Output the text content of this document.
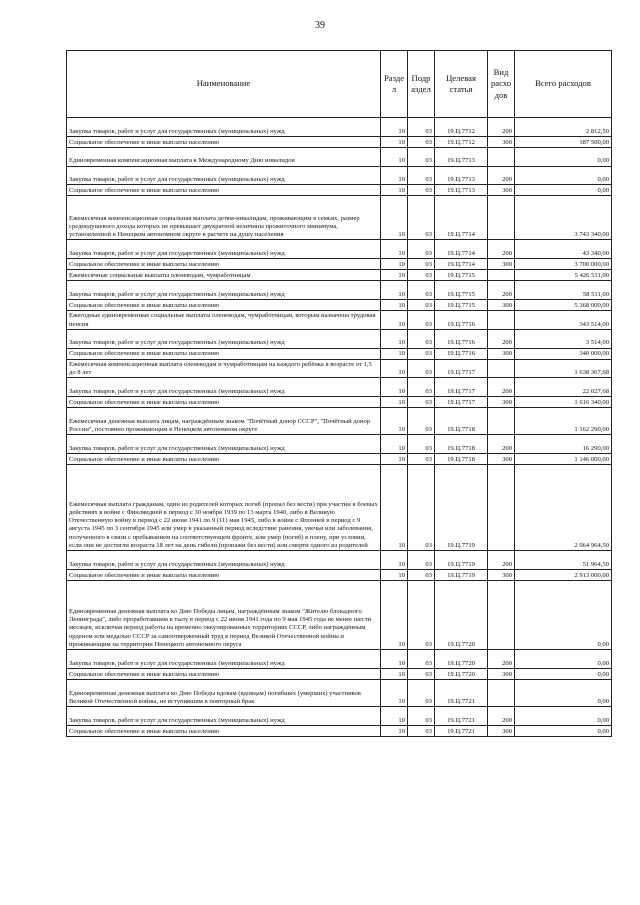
39
Наименование	Разде л	Подр аздел	Целевая статья	Вид расхо дов	Всего расходов
Закупка товаров, работ и услуг для государственных (муниципальных) нужд	10	03	19.Ц.7712	200	2 812,50
Социальное обеспечение и иные выплаты населению	10	03	19.Ц.7712	300	187 500,00
Единовременная компенсационная выплата к Международному Дню инвалидов	10	03	19.Ц.7713		0,00
Закупка товаров, работ и услуг для государственных (муниципальных) нужд	10	03	19.Ц.7713	200	0,00
Социальное обеспечение и иные выплаты населению	10	03	19.Ц.7713	300	0,00
Ежемесячная компенсационная социальная выплата детям-инвалидам, проживающим в семьях, размер среднедушевого дохода которых не превышает двукратной величины прожиточного минимума, установленной в Ненецком автономном округе в расчете на душу населения	10	03	19.Ц.7714		3 743 340,00
Закупка товаров, работ и услуг для государственных (муниципальных) нужд	10	03	19.Ц.7714	200	43 340,00
Социальное обеспечение и иные выплаты населению	10	03	19.Ц.7714	300	3 700 000,00
Ежемесячные социальные выплаты оленеводам, чумработницам	10	03	19.Ц.7715		5 426 511,00
Закупка товаров, работ и услуг для государственных (муниципальных) нужд	10	03	19.Ц.7715	200	58 511,00
Социальное обеспечение и иные выплаты населению	10	03	19.Ц.7715	300	5 368 000,00
Ежегодные единовременные социальные выплаты оленеводам, чумработницам, которым назначена трудовая пенсия	10	03	19.Ц.7716		343 514,00
Закупка товаров, работ и услуг для государственных (муниципальных) нужд	10	03	19.Ц.7716	200	3 514,00
Социальное обеспечение и иные выплаты населению	10	03	19.Ц.7716	300	340 000,00
Ежемесячная компенсационная выплата оленеводам и чумработницам на каждого ребёнка в возрасте от 1,5 до 8 лет	10	03	19.Ц.7717		1 638 367,68
Закупка товаров, работ и услуг для государственных (муниципальных) нужд	10	03	19.Ц.7717	200	22 027,68
Социальное обеспечение и иные выплаты населению	10	03	19.Ц.7717	300	1 616 340,00
Ежемесячная денежная выплата лицам, награждённым знаком "Почётный донор СССР", "Почётный донор России", постоянно проживающим в Ненецком автономном округе	10	03	19.Ц.7718		1 162 290,00
Закупка товаров, работ и услуг для государственных (муниципальных) нужд	10	03	19.Ц.7718	200	16 290,00
Социальное обеспечение и иные выплаты населению	10	03	19.Ц.7718	300	1 146 000,00
Ежемесячная выплата гражданам, один из родителей которых погиб (пропал без вести) при участии в боевых действиях в войне с Финляндией в период с 30 ноября 1939 по 13 марта 1940, либо в Великую Отечественную войну в период с 22 июня 1941 по 9 (11) мая 1945, либо в войне с Японией в период с 9 августа 1945 по 3 сентября 1945 или умер в указанный период вследствие ранения, увечья или заболевания, полученного в связи с пребыванием на соответствующем фронте, или умер (погиб) в плену, при условии, если они не достигли возраста 18 лет на день гибели (пропажи без вести) или смерти одного из родителей	10	03	19.Ц.7719		2 964 964,50
Закупка товаров, работ и услуг для государственных (муниципальных) нужд	10	03	19.Ц.7719	200	51 964,50
Социальное обеспечение и иные выплаты населению	10	03	19.Ц.7719	300	2 913 000,00
Единовременная денежная выплата ко Дню Победы лицам, награждённым знаком "Жителю блокадного Ленинграда", либо проработавшим в тылу в период с 22 июня 1941 года по 9 мая 1945 года не менее шести месяцев, исключая период работы на временно оккупированных территориях СССР, либо награждённым орденом или медалью СССР за самоотверженный труд в период Великой Отечественной войны и проживающим на территории Ненецкого автономного округа	10	03	19.Ц.7720		0,00
Закупка товаров, работ и услуг для государственных (муниципальных) нужд	10	03	19.Ц.7720	200	0,00
Социальное обеспечение и иные выплаты населению	10	03	19.Ц.7720	300	0,00
Единовременная денежная выплата ко Дню Победы вдовам (вдовцам) погибших (умерших) участников Великой Отечественной войны, не вступившим в повторный брак	10	03	19.Ц.7721		0,00
Закупка товаров, работ и услуг для государственных (муниципальных) нужд	10	03	19.Ц.7721	200	0,00
Социальное обеспечение и иные выплаты населению	10	03	19.Ц.7721	300	0,00
